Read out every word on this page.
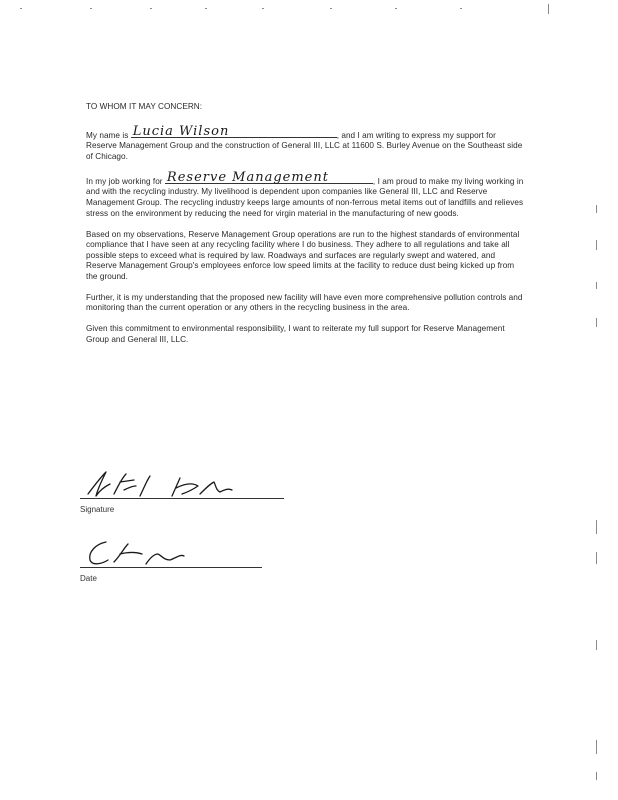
TO WHOM IT MAY CONCERN:

My name is Lucia Wilson	, and I am writing to express my support for Reserve Management Group and the construction of General III, LLC at 11600 S. Burley Avenue on the Southeast side of Chicago.

In my job working for Reserve Management	, I am proud to make my living working in and with the recycling industry. My livelihood is dependent upon companies like General III, LLC and Reserve Management Group. The recycling industry keeps large amounts of non-ferrous metal items out of landfills and relieves stress on the environment by reducing the need for virgin material in the manufacturing of new goods.

Based on my observations, Reserve Management Group operations are run to the highest standards of environmental compliance that I have seen at any recycling facility where I do business. They adhere to all regulations and take all possible steps to exceed what is required by law. Roadways and surfaces are regularly swept and watered, and Reserve Management Group's employees enforce low speed limits at the facility to reduce dust being kicked up from the ground.

Further, it is my understanding that the proposed new facility will have even more comprehensive pollution controls and monitoring than the current operation or any others in the recycling business in the area.

Given this commitment to environmental responsibility, I want to reiterate my full support for Reserve Management Group and General III, LLC.

Signature
Date
